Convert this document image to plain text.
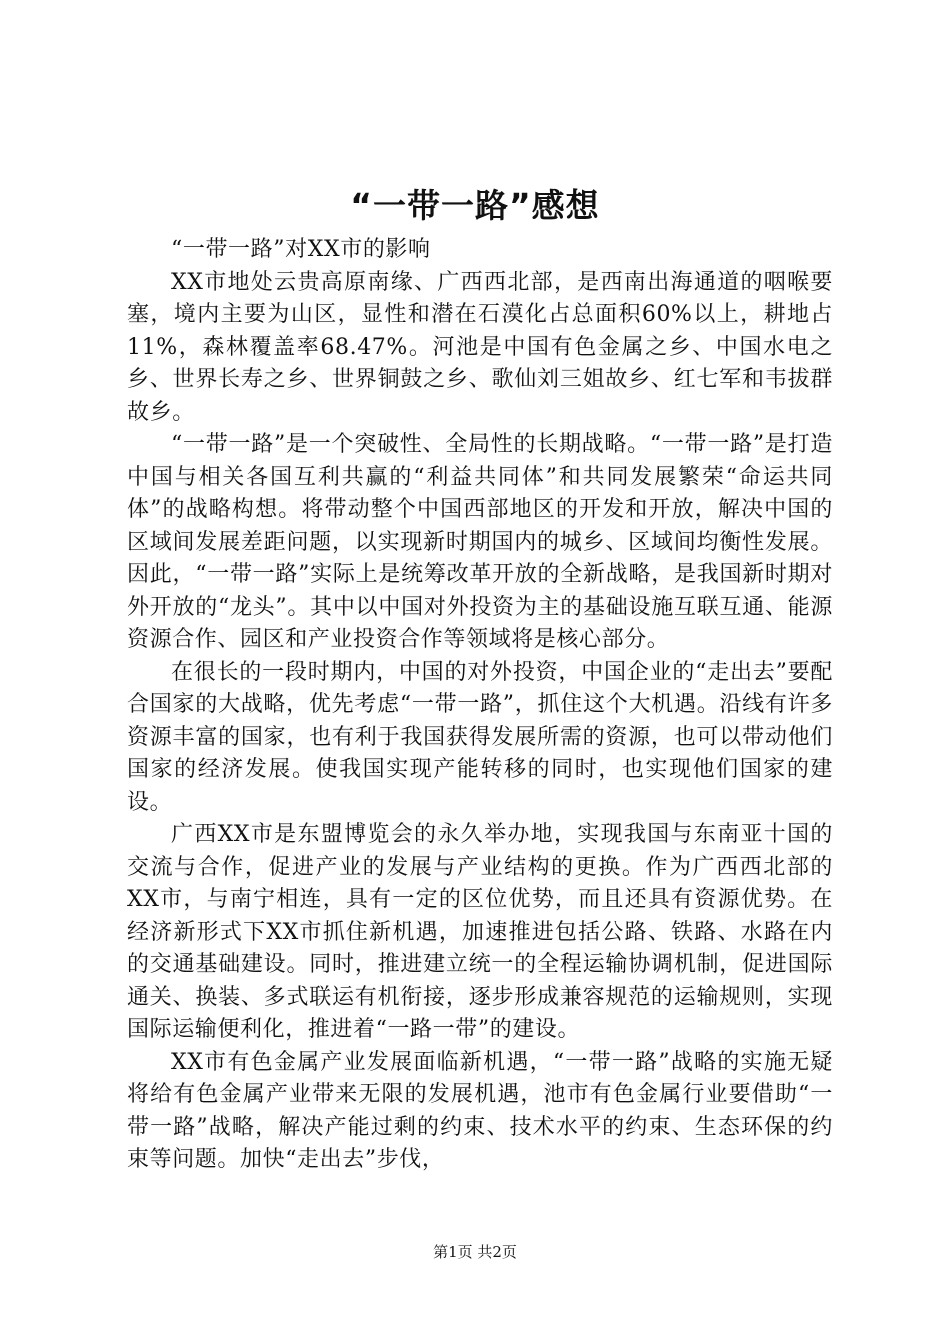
“一带一路”感想

“一带一路”对XX市的影响

XX市地处云贵高原南缘、广西西北部，是西南出海通道的咽喉要塞，境内主要为山区，显性和潜在石漠化占总面积60%以上，耕地占11%，森林覆盖率68.47%。河池是中国有色金属之乡、中国水电之乡、世界长寿之乡、世界铜鼓之乡、歌仙刘三姐故乡、红七军和韦拔群故乡。

“一带一路”是一个突破性、全局性的长期战略。“一带一路”是打造中国与相关各国互利共赢的“利益共同体”和共同发展繁荣“命运共同体”的战略构想。将带动整个中国西部地区的开发和开放，解决中国的区域间发展差距问题，以实现新时期国内的城乡、区域间均衡性发展。因此，“一带一路”实际上是统筹改革开放的全新战略，是我国新时期对外开放的“龙头”。其中以中国对外投资为主的基础设施互联互通、能源资源合作、园区和产业投资合作等领域将是核心部分。

在很长的一段时期内，中国的对外投资，中国企业的“走出去”要配合国家的大战略，优先考虑“一带一路”，抓住这个大机遇。沿线有许多资源丰富的国家，也有利于我国获得发展所需的资源，也可以带动他们国家的经济发展。使我国实现产能转移的同时，也实现他们国家的建设。

广西XX市是东盟博览会的永久举办地，实现我国与东南亚十国的交流与合作，促进产业的发展与产业结构的更换。作为广西西北部的XX市，与南宁相连，具有一定的区位优势，而且还具有资源优势。在经济新形式下XX市抓住新机遇，加速推进包括公路、铁路、水路在内的交通基础建设。同时，推进建立统一的全程运输协调机制，促进国际通关、换装、多式联运有机衔接，逐步形成兼容规范的运输规则，实现国际运输便利化，推进着“一路一带”的建设。

XX市有色金属产业发展面临新机遇，“一带一路”战略的实施无疑将给有色金属产业带来无限的发展机遇，池市有色金属行业要借助“一带一路”战略，解决产能过剩的约束、技术水平的约束、生态环保的约束等问题。加快“走出去”步伐，

第1页 共2页
